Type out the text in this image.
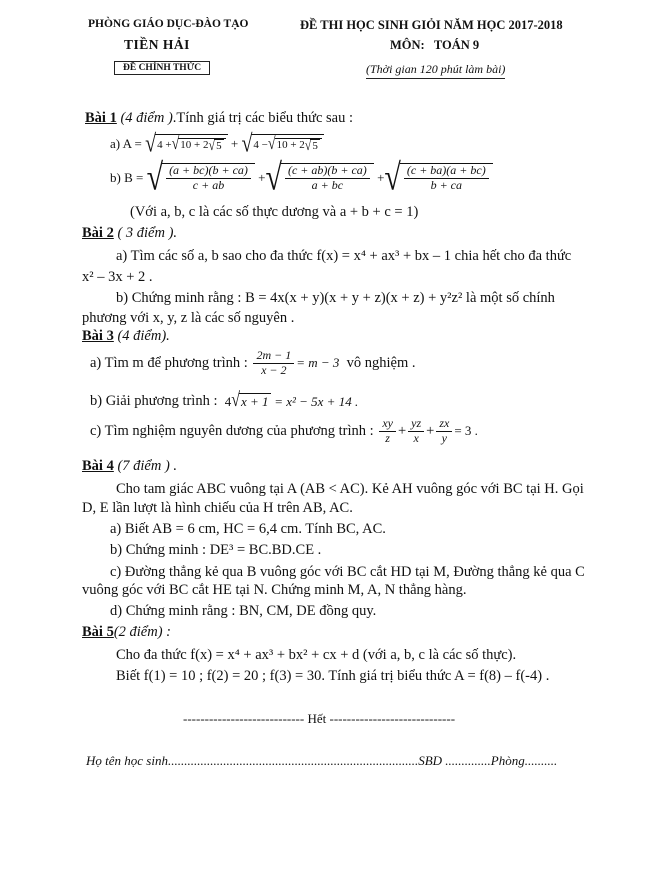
PHÒNG GIÁO DỤC-ĐÀO TẠO
TIỀN HẢI
ĐỀ CHÍNH THỨC
ĐỀ THI HỌC SINH GIỎI NĂM HỌC 2017-2018
MÔN: TOÁN 9
(Thời gian 120 phút làm bài)
Bài 1 (4 điểm ).Tính giá trị các biểu thức sau :
a) A =
√ 4 + √ 10 + 2 √ 5 + √ 4 − √ 10 + 2 √ 5
b) B =
√ $\frac{(a + bc)(b + ca)}{c + ab}$ + √ $\frac{(c + ab)(b + ca)}{a + bc}$ + √ $\frac{(c + ba)(a + bc)}{b + ca}$
(Với a, b, c là các số thực dương và a + b + c = 1)
Bài 2 ( 3 điểm ).
a) Tìm các số a, b sao cho đa thức f(x) = x⁴ + ax³ + bx – 1 chia hết cho đa thức
x² – 3x + 2 .
b) Chứng minh rằng : B = 4x(x + y)(x + y + z)(x + z) + y²z² là một số chính
phương với x, y, z là các số nguyên .
Bài 3 (4 điểm).
a) Tìm m để phương trình :
$\frac{2m - 1}{x - 2} = m - 3$
vô nghiệm .
b) Giải phương trình :
4 √ x + 1
= x² − 5x + 14 .
c) Tìm nghiệm nguyên dương của phương trình :
$\frac{xy}{z} + \frac{yz}{x} + \frac{zx}{y} = 3$ .
Bài 4 (7 điểm ) .
Cho tam giác ABC vuông tại A (AB < AC). Kẻ AH vuông góc với BC tại H. Gọi
D, E lần lượt là hình chiếu của H trên AB, AC.
a) Biết AB = 6 cm, HC = 6,4 cm. Tính BC, AC.
b) Chứng minh : DE³ = BC.BD.CE .
c) Đường thẳng kẻ qua B vuông góc với BC cắt HD tại M, Đường thẳng kẻ qua C
vuông góc với BC cắt HE tại N. Chứng minh M, A, N thẳng hàng.
d) Chứng minh rằng : BN, CM, DE đồng quy.
Bài 5(2 điểm) :
Cho đa thức f(x) = x⁴ + ax³ + bx² + cx + d (với a, b, c là các số thực).
Biết f(1) = 10 ; f(2) = 20 ; f(3) = 30. Tính giá trị biểu thức A = f(8) – f(-4) .
---------------------------- Hết -----------------------------
Họ tên học sinh.............................................................................SBD ..............Phòng..........
